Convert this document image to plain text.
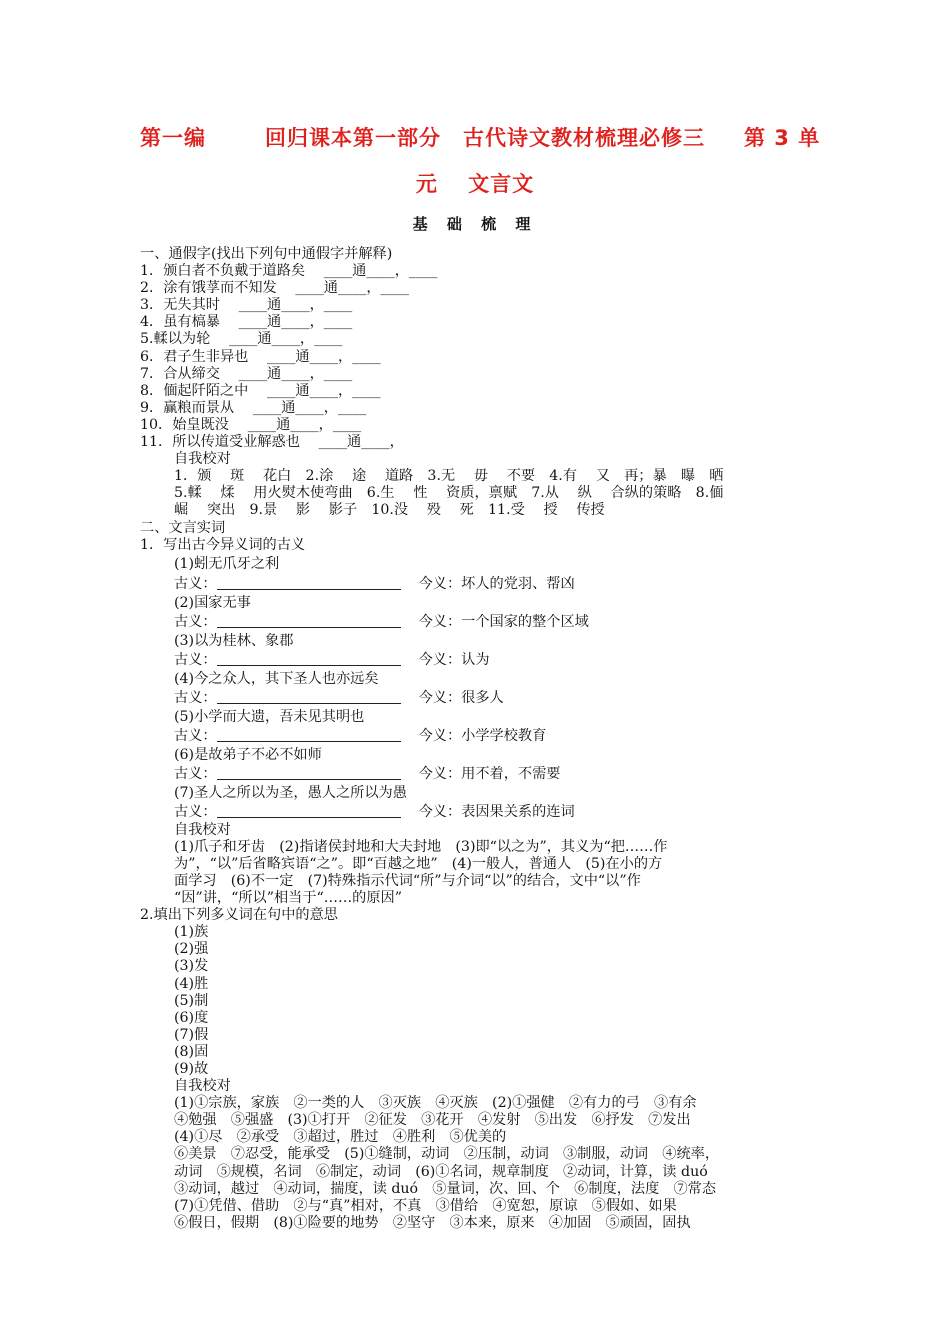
第一编	回归课本第一部分　古代诗文教材梳理必修三 第 3 单
元　 文言文
基 础 梳 理
一、通假字(找出下列句中通假字并解释)
1．颁白者不负戴于道路矣　 ____通____，____
2．涂有饿莩而不知发　 ____通____，____
3．无失其时　 ____通____，____
4．虽有槁暴　 ____通____，____
5.輮以为轮　 ____通____，____
6．君子生非异也　 ____通____，____
7．合从缔交　 ____通____，____
8．偭起阡陌之中　 ____通____，____
9．赢粮而景从　 ____通____，____
10．始皇既没　 ____通____，____
11．所以传道受业解惑也　 ____通____，
自我校对
1．颁　 斑　 花白　2.涂　 途　 道路　3.无　 毋　 不要　4.有　 又　再；暴　曝　晒
5.輮　 煣　 用火熨木使弯曲　6.生　 性　 资质，禀赋　7.从　 纵　 合纵的策略　8.偭
崛　 突出　9.景　 影　 影子　10.没　 殁　 死　11.受　 授　 传授
二、文言实词
1．写出古今异义词的古义
(1)蚓无爪牙之利
古义：	今义：坏人的党羽、帮凶
(2)国家无事
古义：	今义：一个国家的整个区域
(3)以为桂林、象郡
古义：	今义：认为
(4)今之众人，其下圣人也亦远矣
古义：	今义：很多人
(5)小学而大遗，吾未见其明也
古义：	今义：小学学校教育
(6)是故弟子不必不如师
古义：	今义：用不着，不需要
(7)圣人之所以为圣，愚人之所以为愚
古义：	今义：表因果关系的连词
自我校对
(1)爪子和牙齿　(2)指诸侯封地和大夫封地　(3)即“以之为”，其义为“把……作
为”，“以”后省略宾语“之”。即“百越之地”　(4)一般人，普通人　(5)在小的方
面学习　(6)不一定　(7)特殊指示代词“所”与介词“以”的结合，文中“以”作
“因”讲，“所以”相当于“……的原因”
2.填出下列多义词在句中的意思
(1)族
(2)强
(3)发
(4)胜
(5)制
(6)度
(7)假
(8)固
(9)故
自我校对
(1)①宗族，家族　②一类的人　③灭族　④灭族　(2)①强健　②有力的弓　③有余
④勉强　⑤强盛　(3)①打开　②征发　③花开　④发射　⑤出发　⑥抒发　⑦发出
(4)①尽　②承受　③超过，胜过　④胜利　⑤优美的
⑥美景　⑦忍受，能承受　(5)①缝制，动词　②压制，动词　③制服，动词　④统率，
动词　⑤规模，名词　⑥制定，动词　(6)①名词，规章制度　②动词，计算，读 duó
③动词，越过　④动词，揣度，读 duó　⑤量词，次、回、个　⑥制度，法度　⑦常态
(7)①凭借、借助　②与“真”相对，不真　③借给　④宽恕，原谅　⑤假如、如果
⑥假日，假期　(8)①险要的地势　②坚守　③本来，原来　④加固　⑤顽固，固执
